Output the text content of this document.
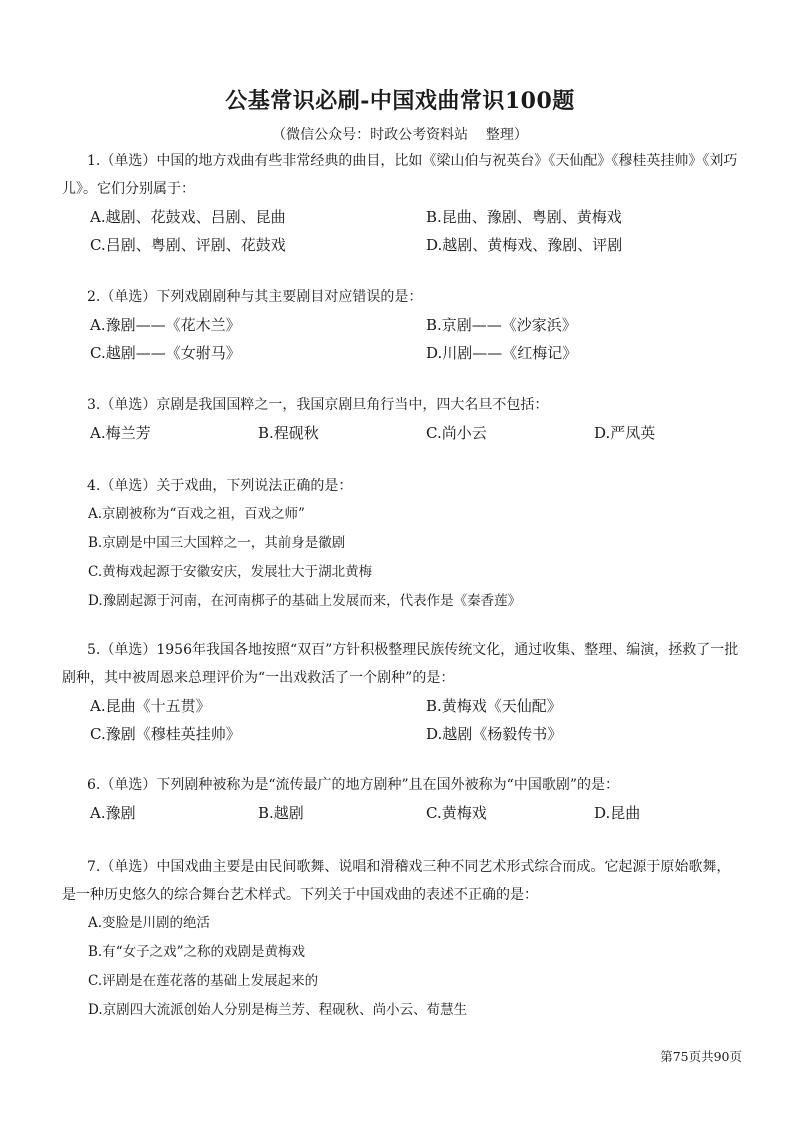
公基常识必刷-中国戏曲常识100题
（微信公众号：时政公考资料站    整理）

1.（单选）中国的地方戏曲有些非常经典的曲目，比如《梁山伯与祝英台》《天仙配》《穆桂英挂帅》《刘巧儿》。它们分别属于：

A.越剧、花鼓戏、吕剧、昆曲	B.昆曲、豫剧、粤剧、黄梅戏
C.吕剧、粤剧、评剧、花鼓戏	D.越剧、黄梅戏、豫剧、评剧

2.（单选）下列戏剧剧种与其主要剧目对应错误的是：

A.豫剧——《花木兰》	B.京剧——《沙家浜》
C.越剧——《女驸马》	D.川剧——《红梅记》

3.（单选）京剧是我国国粹之一，我国京剧旦角行当中，四大名旦不包括：

A.梅兰芳	B.程砚秋	C.尚小云	D.严凤英

4.（单选）关于戏曲，下列说法正确的是：

A.京剧被称为“百戏之祖，百戏之师”
B.京剧是中国三大国粹之一，其前身是徽剧
C.黄梅戏起源于安徽安庆，发展壮大于湖北黄梅
D.豫剧起源于河南，在河南梆子的基础上发展而来，代表作是《秦香莲》

5.（单选）1956年我国各地按照“双百”方针积极整理民族传统文化，通过收集、整理、编演，拯救了一批剧种，其中被周恩来总理评价为“一出戏救活了一个剧种”的是：

A.昆曲《十五贯》	B.黄梅戏《天仙配》
C.豫剧《穆桂英挂帅》	D.越剧《杨毅传书》

6.（单选）下列剧种被称为是“流传最广的地方剧种”且在国外被称为“中国歌剧”的是：

A.豫剧	B.越剧	C.黄梅戏	D.昆曲

7.（单选）中国戏曲主要是由民间歌舞、说唱和滑稽戏三种不同艺术形式综合而成。它起源于原始歌舞，是一种历史悠久的综合舞台艺术样式。下列关于中国戏曲的表述不正确的是：

A.变脸是川剧的绝活
B.有“女子之戏”之称的戏剧是黄梅戏
C.评剧是在莲花落的基础上发展起来的
D.京剧四大流派创始人分别是梅兰芳、程砚秋、尚小云、荀慧生
第75页共90页
